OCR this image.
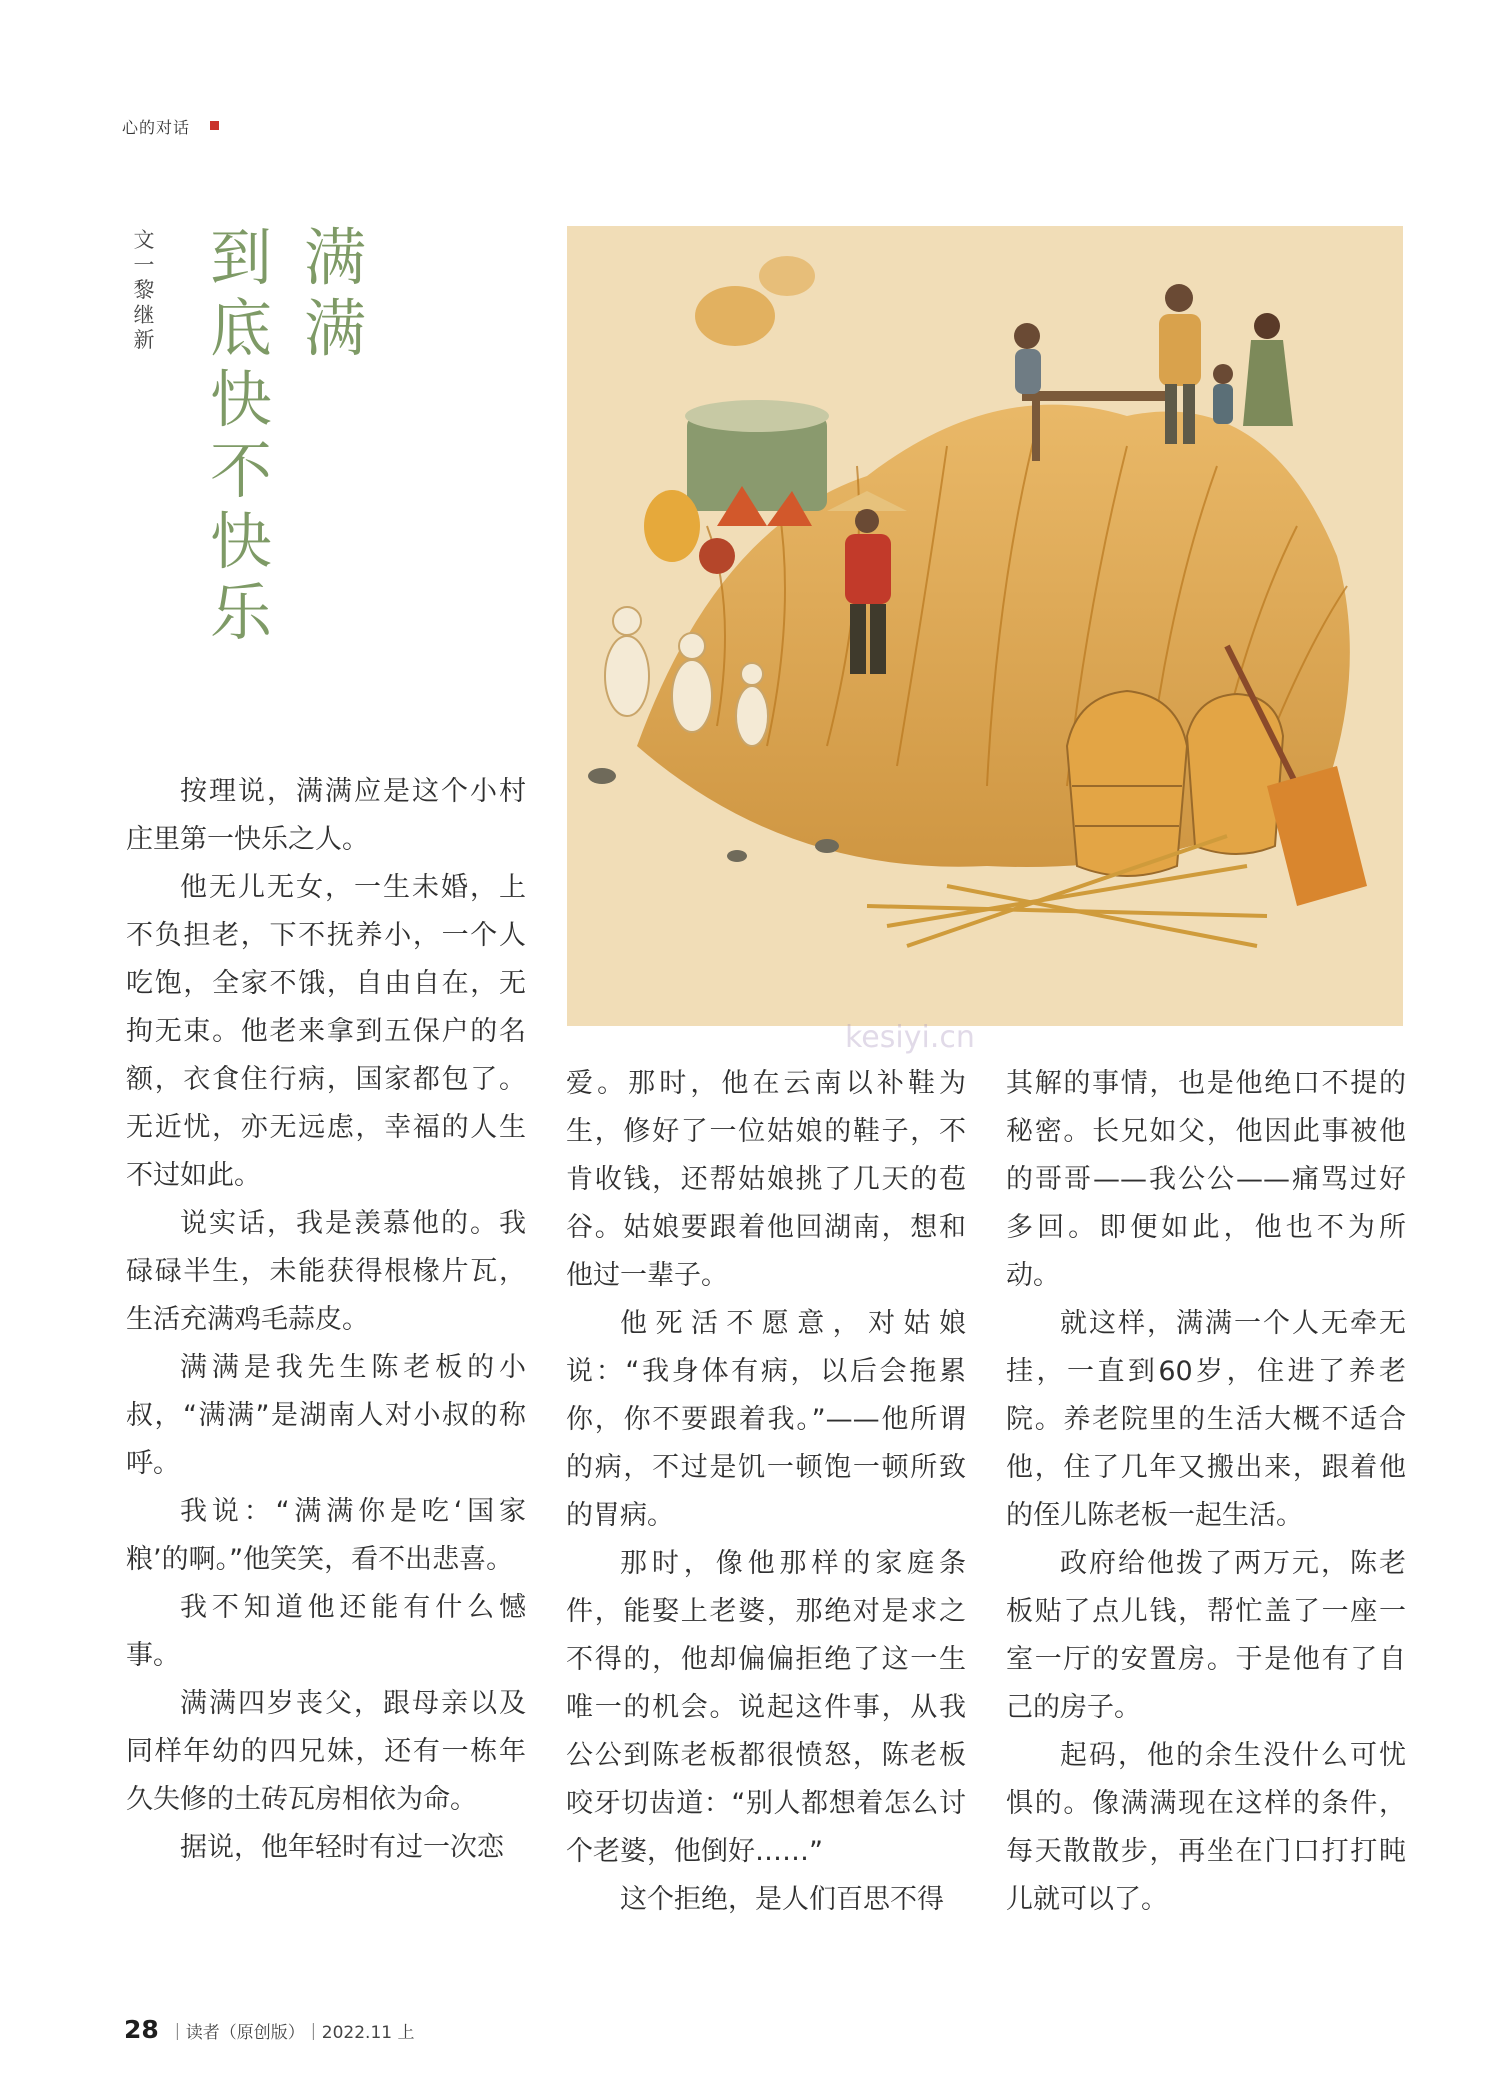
心的对话
文一黎继新
满满
到底快不快乐
kesiyi.cn

按理说，满满应是这个小村庄里第一快乐之人。

他无儿无女，一生未婚，上不负担老，下不抚养小，一个人吃饱，全家不饿，自由自在，无拘无束。他老来拿到五保户的名额，衣食住行病，国家都包了。无近忧，亦无远虑，幸福的人生不过如此。

说实话，我是羡慕他的。我碌碌半生，未能获得根椽片瓦，生活充满鸡毛蒜皮。

满满是我先生陈老板的小叔，“满满”是湖南人对小叔的称呼。

我说：“满满你是吃‘国家粮’的啊。”他笑笑，看不出悲喜。

我不知道他还能有什么憾事。

满满四岁丧父，跟母亲以及同样年幼的四兄妹，还有一栋年久失修的土砖瓦房相依为命。

据说，他年轻时有过一次恋

爱。那时，他在云南以补鞋为生，修好了一位姑娘的鞋子，不肯收钱，还帮姑娘挑了几天的苞谷。姑娘要跟着他回湖南，想和他过一辈子。

他死活不愿意，对姑娘说：“我身体有病，以后会拖累你，你不要跟着我。”——他所谓的病，不过是饥一顿饱一顿所致的胃病。

那时，像他那样的家庭条件，能娶上老婆，那绝对是求之不得的，他却偏偏拒绝了这一生唯一的机会。说起这件事，从我公公到陈老板都很愤怒，陈老板咬牙切齿道：“别人都想着怎么讨个老婆，他倒好……”

这个拒绝，是人们百思不得

其解的事情，也是他绝口不提的秘密。长兄如父，他因此事被他的哥哥——我公公——痛骂过好多回。即便如此，他也不为所动。

就这样，满满一个人无牵无挂，一直到60岁，住进了养老院。养老院里的生活大概不适合他，住了几年又搬出来，跟着他的侄儿陈老板一起生活。

政府给他拨了两万元，陈老板贴了点儿钱，帮忙盖了一座一室一厅的安置房。于是他有了自己的房子。

起码，他的余生没什么可忧惧的。像满满现在这样的条件，每天散散步，再坐在门口打打盹儿就可以了。

28 ｜读者（原创版）｜2022.11 上
